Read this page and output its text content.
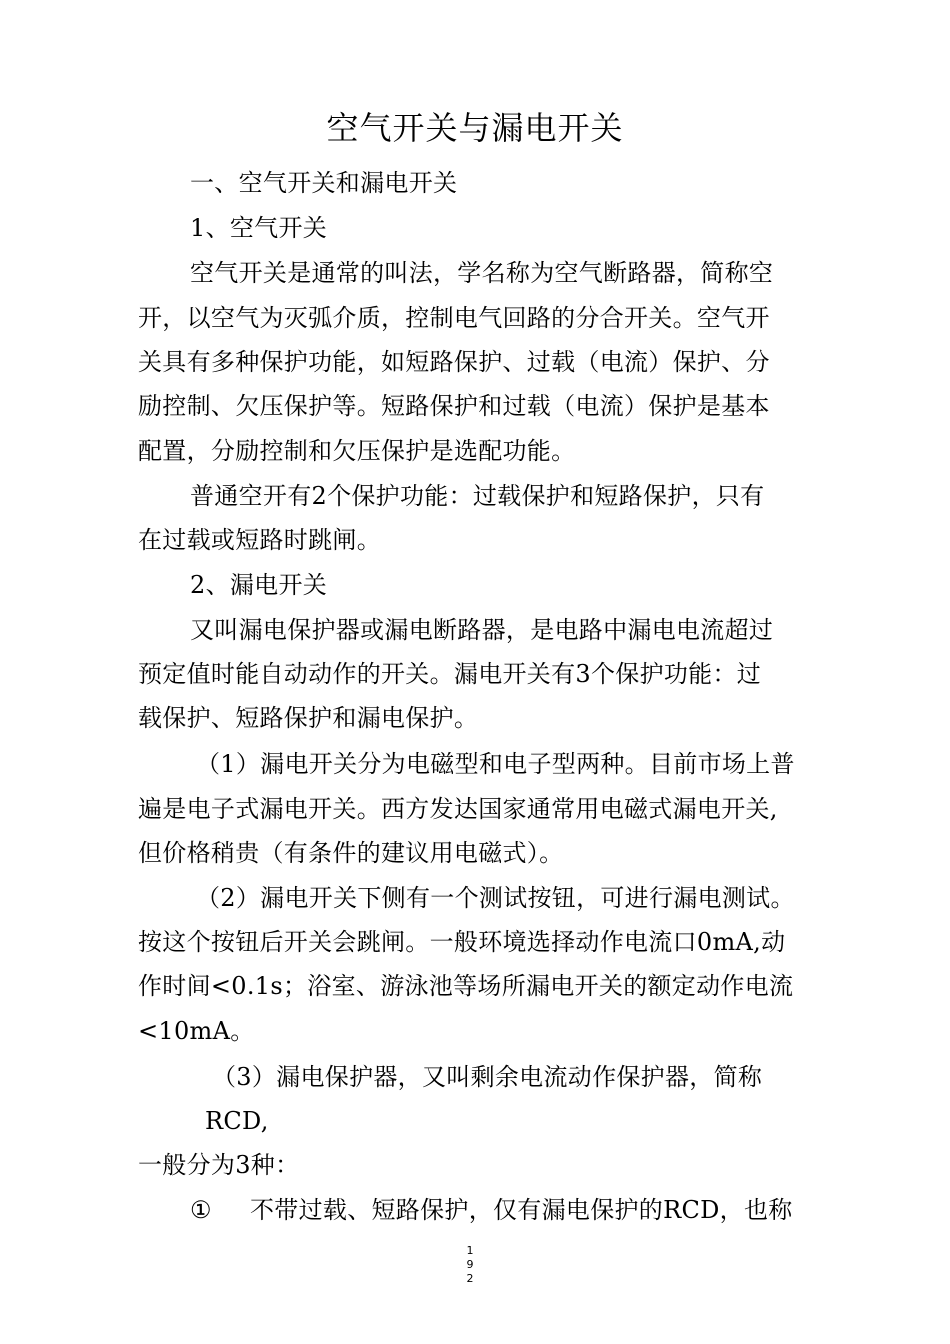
空气开关与漏电开关
一、空气开关和漏电开关
1、空气开关
空气开关是通常的叫法，学名称为空气断路器，简称空
开，以空气为灭弧介质，控制电气回路的分合开关。空气开
关具有多种保护功能，如短路保护、过载（电流）保护、分
励控制、欠压保护等。短路保护和过载（电流）保护是基本
配置，分励控制和欠压保护是选配功能。
普通空开有2个保护功能：过载保护和短路保护，只有
在过载或短路时跳闸。
2、漏电开关
又叫漏电保护器或漏电断路器，是电路中漏电电流超过
预定值时能自动动作的开关。漏电开关有3个保护功能：过
载保护、短路保护和漏电保护。
（1）漏电开关分为电磁型和电子型两种。目前市场上普
遍是电子式漏电开关。西方发达国家通常用电磁式漏电开关,
但价格稍贵（有条件的建议用电磁式）。
（2）漏电开关下侧有一个测试按钮，可进行漏电测试。
按这个按钮后开关会跳闸。一般环境选择动作电流口0mA,动
作时间<0.1s；浴室、游泳池等场所漏电开关的额定动作电流
<10mA。
（3）漏电保护器，又叫剩余电流动作保护器，简称
RCD,
一般分为3种：
① 不带过载、短路保护，仅有漏电保护的RCD，也称
1
9
2
